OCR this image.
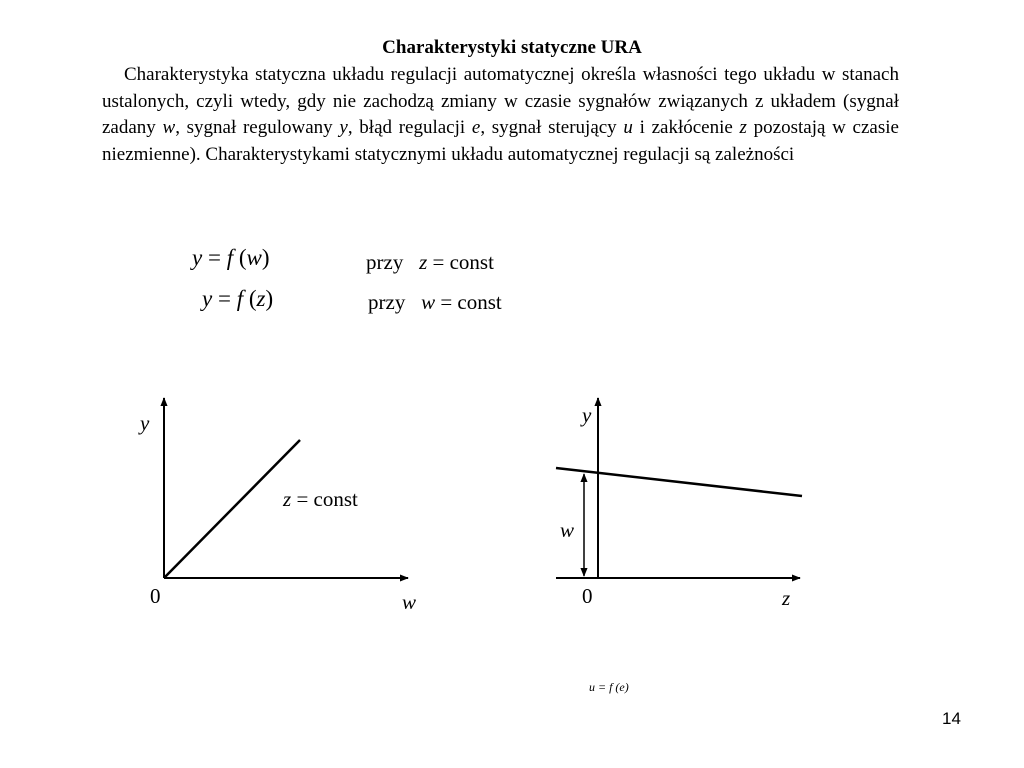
Charakterystyki statyczne URA
Charakterystyka statyczna układu regulacji automatycznej określa własności tego układu w stanach ustalonych, czyli wtedy, gdy nie zachodzą zmiany w czasie sygnałów związanych z układem (sygnał zadany w, sygnał regulowany y, błąd regulacji e, sygnał sterujący u i zakłócenie z pozostają w czasie niezmienne). Charakterystykami statycznymi układu automatycznej regulacji są zależności
y = f (w)	przy z = const
y = f (z)	przy w = const
y
0	w
z = const
y
w
0	z
u = f (e)
14
